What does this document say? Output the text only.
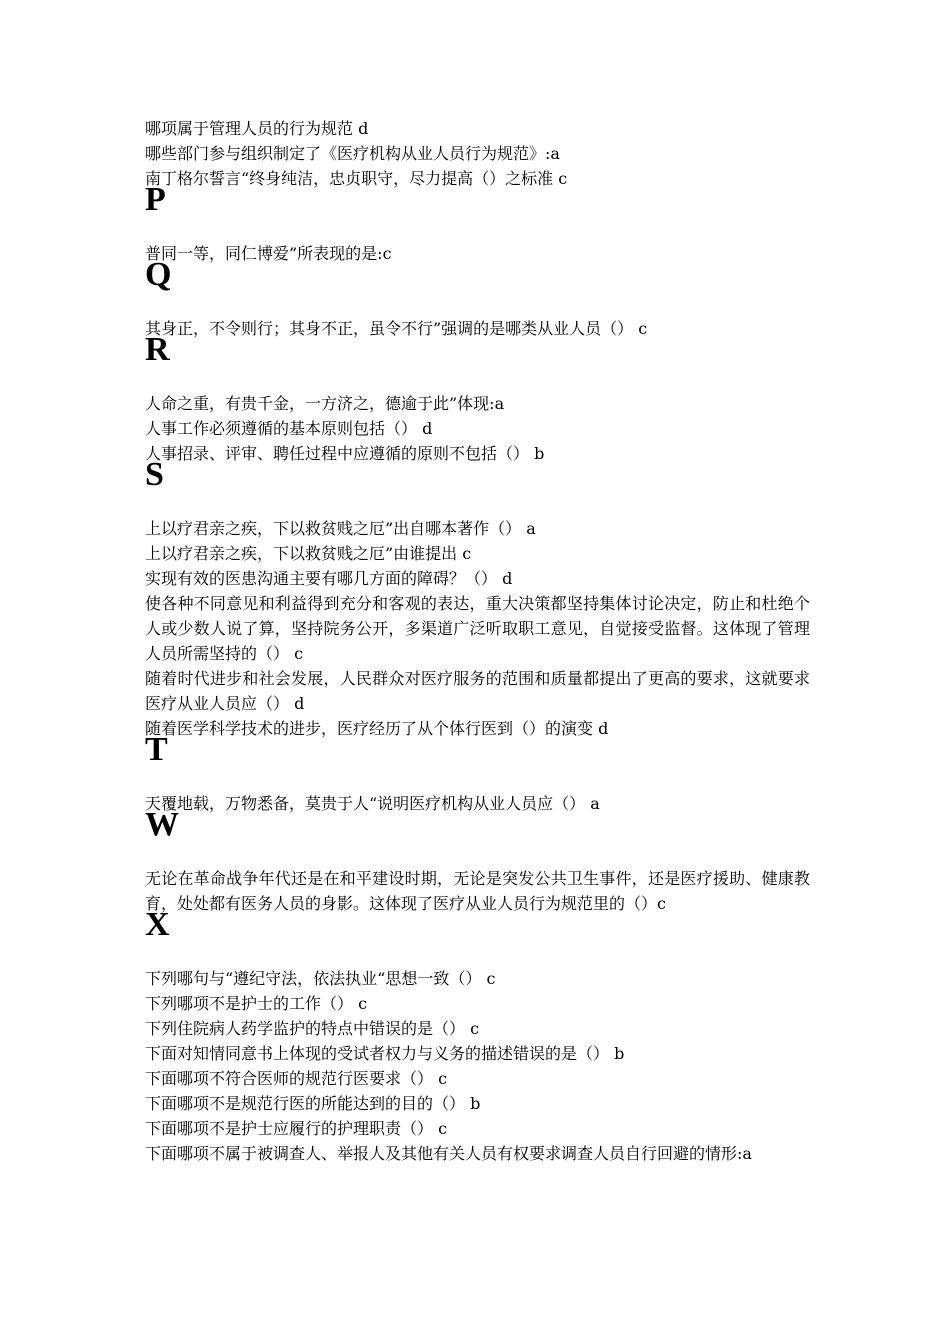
哪项属于管理人员的行为规范 d
哪些部门参与组织制定了《医疗机构从业人员行为规范》:a
南丁格尔誓言“终身纯洁，忠贞职守，尽力提高（）之标准 c
P
普同一等，同仁博爱”所表现的是:c
Q
其身正，不令则行；其身不正，虽令不行”强调的是哪类从业人员（） c
R
人命之重，有贵千金，一方济之，德逾于此”体现:a
人事工作必须遵循的基本原则包括（） d
人事招录、评审、聘任过程中应遵循的原则不包括（） b
S
上以疗君亲之疾，下以救贫贱之厄”出自哪本著作（） a
上以疗君亲之疾，下以救贫贱之厄”由谁提出 c
实现有效的医患沟通主要有哪几方面的障碍？（） d
使各种不同意见和利益得到充分和客观的表达，重大决策都坚持集体讨论决定，防止和杜绝个人或少数人说了算，坚持院务公开，多渠道广泛听取职工意见，自觉接受监督。这体现了管理人员所需坚持的（） c
随着时代进步和社会发展，人民群众对医疗服务的范围和质量都提出了更高的要求，这就要求医疗从业人员应（） d
随着医学科学技术的进步，医疗经历了从个体行医到（）的演变 d
T
天覆地载，万物悉备，莫贵于人“说明医疗机构从业人员应（） a
W
无论在革命战争年代还是在和平建设时期，无论是突发公共卫生事件，还是医疗援助、健康教育，处处都有医务人员的身影。这体现了医疗从业人员行为规范里的（）c
X
下列哪句与“遵纪守法，依法执业“思想一致（） c
下列哪项不是护士的工作（） c
下列住院病人药学监护的特点中错误的是（） c
下面对知情同意书上体现的受试者权力与义务的描述错误的是（） b
下面哪项不符合医师的规范行医要求（） c
下面哪项不是规范行医的所能达到的目的（） b
下面哪项不是护士应履行的护理职责（） c
下面哪项不属于被调查人、举报人及其他有关人员有权要求调查人员自行回避的情形:a
